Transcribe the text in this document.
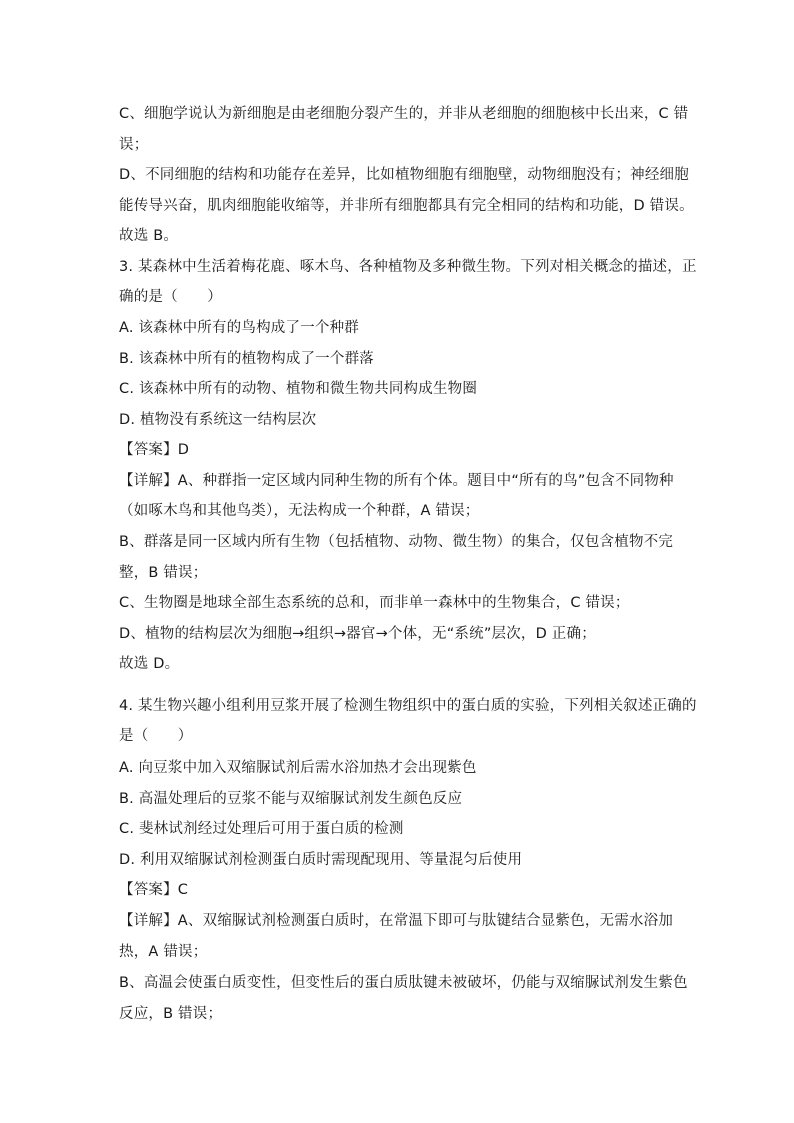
C、细胞学说认为新细胞是由老细胞分裂产生的，并非从老细胞的细胞核中长出来，C 错
误；
D、不同细胞的结构和功能存在差异，比如植物细胞有细胞壁，动物细胞没有；神经细胞
能传导兴奋，肌肉细胞能收缩等，并非所有细胞都具有完全相同的结构和功能，D 错误。
故选 B。
3. 某森林中生活着梅花鹿、啄木鸟、各种植物及多种微生物。下列对相关概念的描述，正
确的是（　　）
A. 该森林中所有的鸟构成了一个种群
B. 该森林中所有的植物构成了一个群落
C. 该森林中所有的动物、植物和微生物共同构成生物圈
D. 植物没有系统这一结构层次
【答案】D
【详解】A、种群指一定区域内同种生物的所有个体。题目中“所有的鸟”包含不同物种
（如啄木鸟和其他鸟类），无法构成一个种群，A 错误；
B、群落是同一区域内所有生物（包括植物、动物、微生物）的集合，仅包含植物不完
整，B 错误；
C、生物圈是地球全部生态系统的总和，而非单一森林中的生物集合，C 错误；
D、植物的结构层次为细胞→组织→器官→个体，无“系统”层次，D 正确；
故选 D。
4. 某生物兴趣小组利用豆浆开展了检测生物组织中的蛋白质的实验，下列相关叙述正确的
是（　　）
A. 向豆浆中加入双缩脲试剂后需水浴加热才会出现紫色
B. 高温处理后的豆浆不能与双缩脲试剂发生颜色反应
C. 斐林试剂经过处理后可用于蛋白质的检测
D. 利用双缩脲试剂检测蛋白质时需现配现用、等量混匀后使用
【答案】C
【详解】A、双缩脲试剂检测蛋白质时，在常温下即可与肽键结合显紫色，无需水浴加
热，A 错误；
B、高温会使蛋白质变性，但变性后的蛋白质肽键未被破坏，仍能与双缩脲试剂发生紫色
反应，B 错误；
